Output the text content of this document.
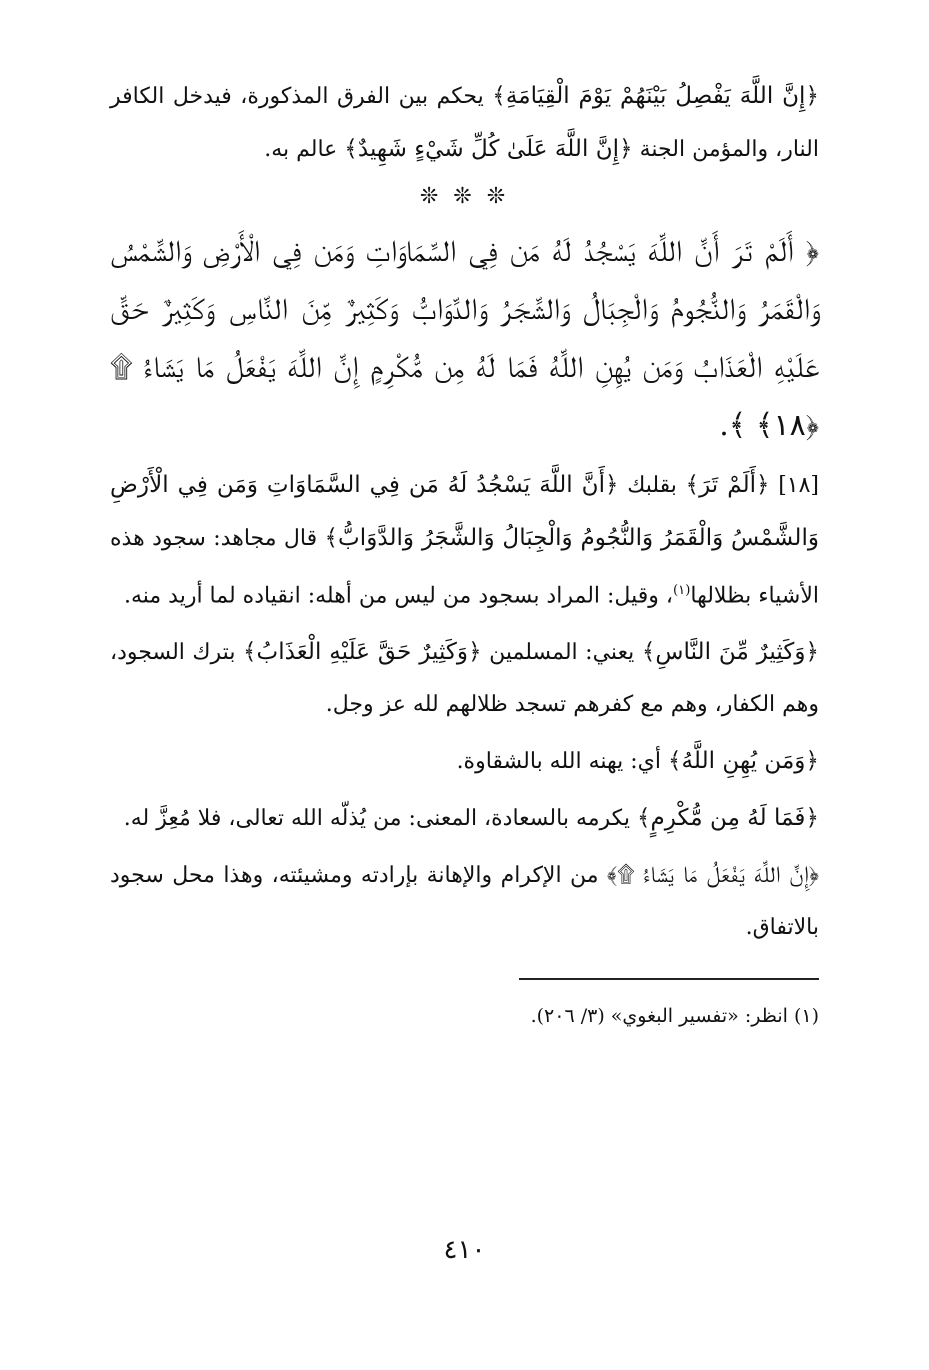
﴿إِنَّ اللَّهَ يَفْصِلُ بَيْنَهُمْ يَوْمَ الْقِيَامَةِ﴾ يحكم بين الفرق المذكورة، فيدخل الكافر النار، والمؤمن الجنة ﴿إِنَّ اللَّهَ عَلَىٰ كُلِّ شَيْءٍ شَهِيدٌ﴾ عالم به.

❊ ❊ ❊

﴿ أَلَمْ تَرَ أَنَّ اللَّهَ يَسْجُدُ لَهُ مَن فِي السَّمَاوَاتِ وَمَن فِي الْأَرْضِ وَالشَّمْسُ وَالْقَمَرُ وَالنُّجُومُ وَالْجِبَالُ وَالشَّجَرُ وَالدَّوَابُّ وَكَثِيرٌ مِّنَ النَّاسِ وَكَثِيرٌ حَقَّ عَلَيْهِ الْعَذَابُ وَمَن يُهِنِ اللَّهُ فَمَا لَهُ مِن مُّكْرِمٍ إِنَّ اللَّهَ يَفْعَلُ مَا يَشَاءُ ۩ ﴿١٨﴾ ﴾.

[١٨] ﴿أَلَمْ تَرَ﴾ بقلبك ﴿أَنَّ اللَّهَ يَسْجُدُ لَهُ مَن فِي السَّمَاوَاتِ وَمَن فِي الْأَرْضِ وَالشَّمْسُ وَالْقَمَرُ وَالنُّجُومُ وَالْجِبَالُ وَالشَّجَرُ وَالدَّوَابُّ﴾ قال مجاهد: سجود هذه الأشياء بظلالها$^{(١)}$، وقيل: المراد بسجود من ليس من أهله: انقياده لما أريد منه.

﴿وَكَثِيرٌ مِّنَ النَّاسِ﴾ يعني: المسلمين ﴿وَكَثِيرٌ حَقَّ عَلَيْهِ الْعَذَابُ﴾ بترك السجود، وهم الكفار، وهم مع كفرهم تسجد ظلالهم لله عز وجل.

﴿وَمَن يُهِنِ اللَّهُ﴾ أي: يهنه الله بالشقاوة.

﴿فَمَا لَهُ مِن مُّكْرِمٍ﴾ يكرمه بالسعادة، المعنى: من يُذلّه الله تعالى، فلا مُعِزَّ له.

﴿إِنَّ اللَّهَ يَفْعَلُ مَا يَشَاءُ ۩﴾ من الإكرام والإهانة بإرادته ومشيئته، وهذا محل سجود بالاتفاق.

(١) انظر: «تفسير البغوي» (٣/ ٢٠٦).

٤١٠
